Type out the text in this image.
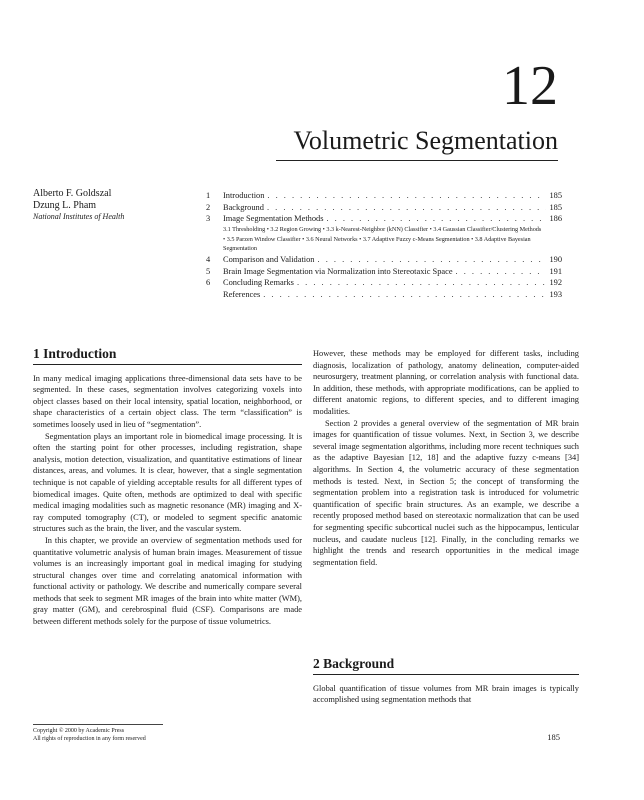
12
Volumetric Segmentation
Alberto F. Goldszal
Dzung L. Pham
National Institutes of Health
1	Introduction . . .	185
2	Background . . .	185
3	Image Segmentation Methods . . .	186
3.1 Thresholding • 3.2 Region Growing • 3.3 k-Nearest-Neighbor (kNN) Classifier • 3.4 Gaussian Classifier/Clustering Methods • 3.5 Parzen Window Classifier • 3.6 Neural Networks • 3.7 Adaptive Fuzzy c-Means Segmentation • 3.8 Adaptive Bayesian Segmentation
4	Comparison and Validation . . .	190
5	Brain Image Segmentation via Normalization into Stereotaxic Space . . .	191
6	Concluding Remarks . . .	192
References . . .	193
1 Introduction

In many medical imaging applications three-dimensional data sets have to be segmented. In these cases, segmentation involves categorizing voxels into object classes based on their local intensity, spatial location, neighborhood, or shape characteristics of a certain object class. The term “classification” is sometimes loosely used in lieu of “segmentation”.

Segmentation plays an important role in biomedical image processing. It is often the starting point for other processes, including registration, shape analysis, motion detection, visualization, and quantitative estimations of linear distances, areas, and volumes. It is clear, however, that a single segmentation technique is not capable of yielding acceptable results for all different types of biomedical images. Quite often, methods are optimized to deal with specific medical imaging modalities such as magnetic resonance (MR) imaging and X-ray computed tomography (CT), or modeled to segment specific anatomic structures such as the brain, the liver, and the vascular system.

In this chapter, we provide an overview of segmentation methods used for quantitative volumetric analysis of human brain images. Measurement of tissue volumes is an increasingly important goal in medical imaging for studying structural changes over time and correlating anatomical information with functional activity or pathology. We describe and numerically compare several methods that seek to segment MR images of the brain into white matter (WM), gray matter (GM), and cerebrospinal fluid (CSF). Comparisons are made between different methods solely for the purpose of tissue volumetrics.

However, these methods may be employed for different tasks, including diagnosis, localization of pathology, anatomy delineation, computer-aided neurosurgery, treatment planning, or correlation analysis with functional data. In addition, these methods, with appropriate modifications, can be applied to different anatomic regions, to different species, and to different imaging modalities.

Section 2 provides a general overview of the segmentation of MR brain images for quantification of tissue volumes. Next, in Section 3, we describe several image segmentation algorithms, including more recent techniques such as the adaptive Bayesian [12, 18] and the adaptive fuzzy c-means [34] algorithms. In Section 4, the volumetric accuracy of these segmentation methods is tested. Next, in Section 5; the concept of transforming the segmentation problem into a registration task is introduced for volumetric quantification of specific brain structures. As an example, we describe a recently proposed method based on stereotaxic normalization that can be used for segmenting specific subcortical nuclei such as the hippocampus, lenticular nucleus, and caudate nucleus [12]. Finally, in the concluding remarks we highlight the trends and research opportunities in the medical image segmentation field.

2 Background

Global quantification of tissue volumes from MR brain images is typically accomplished using segmentation methods that

Copyright © 2000 by Academic Press
All rights of reproduction in any form reserved	185
